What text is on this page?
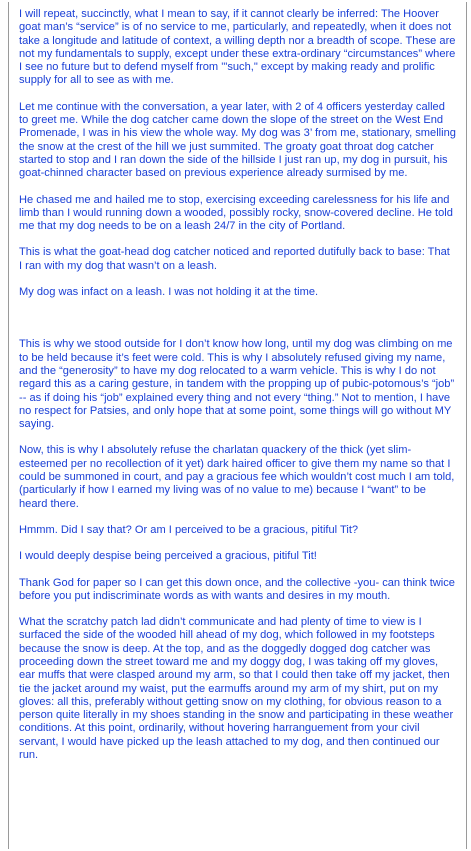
I will repeat, succinctly, what I mean to say, if it cannot clearly be inferred: The Hoover goat man’s “service” is of no service to me, particularly, and repeatedly, when it does not take a longitude and latitude of context, a willing depth nor a breadth of scope. These are not my fundamentals to supply, except under these extra-ordinary “circumstances” where I see no future but to defend myself from '"such," except by making ready and prolific supply for all to see as with me.

Let me continue with the conversation, a year later, with 2 of 4 officers yesterday called to greet me. While the dog catcher came down the slope of the street on the West End Promenade, I was in his view the whole way. My dog was 3’ from me, stationary, smelling the snow at the crest of the hill we just summited. The groaty goat throat dog catcher started to stop and I ran down the side of the hillside I just ran up, my dog in pursuit, his goat-chinned character based on previous experience already surmised by me.

He chased me and hailed me to stop, exercising exceeding carelessness for his life and limb than I would running down a wooded, possibly rocky, snow-covered decline. He told me that my dog needs to be on a leash 24/7 in the city of Portland.

This is what the goat-head dog catcher noticed and reported dutifully back to base: That I ran with my dog that wasn’t on a leash.

My dog was infact on a leash. I was not holding it at the time.

This is why we stood outside for I don’t know how long, until my dog was climbing on me to be held because it’s feet were cold. This is why I absolutely refused giving my name, and the “generosity” to have my dog relocated to a warm vehicle. This is why I do not regard this as a caring gesture, in tandem with the propping up of pubic-potomous’s “job” -- as if doing his “job” explained every thing and not every “thing.” Not to mention, I have no respect for Patsies, and only hope that at some point, some things will go without MY saying.

Now, this is why I absolutely refuse the charlatan quackery of the thick (yet slim-esteemed per no recollection of it yet) dark haired officer to give them my name so that I could be summoned in court, and pay a gracious fee which wouldn’t cost much I am told, (particularly if how I earned my living was of no value to me) because I “want” to be heard there.

Hmmm. Did I say that? Or am I perceived to be a gracious, pitiful Tit?

I would deeply despise being perceived a gracious, pitiful Tit!

Thank God for paper so I can get this down once, and the collective -you- can think twice before you put indiscriminate words as with wants and desires in my mouth.

What the scratchy patch lad didn’t communicate and had plenty of time to view is I surfaced the side of the wooded hill ahead of my dog, which followed in my footsteps because the snow is deep. At the top, and as the doggedly dogged dog catcher was proceeding down the street toward me and my doggy dog, I was taking off my gloves, ear muffs that were clasped around my arm, so that I could then take off my jacket, then tie the jacket around my waist, put the earmuffs around my arm of my shirt, put on my gloves: all this, preferably without getting snow on my clothing, for obvious reason to a person quite literally in my shoes standing in the snow and participating in these weather conditions. At this point, ordinarily, without hovering harranguement from your civil servant, I would have picked up the leash attached to my dog, and then continued our run.
